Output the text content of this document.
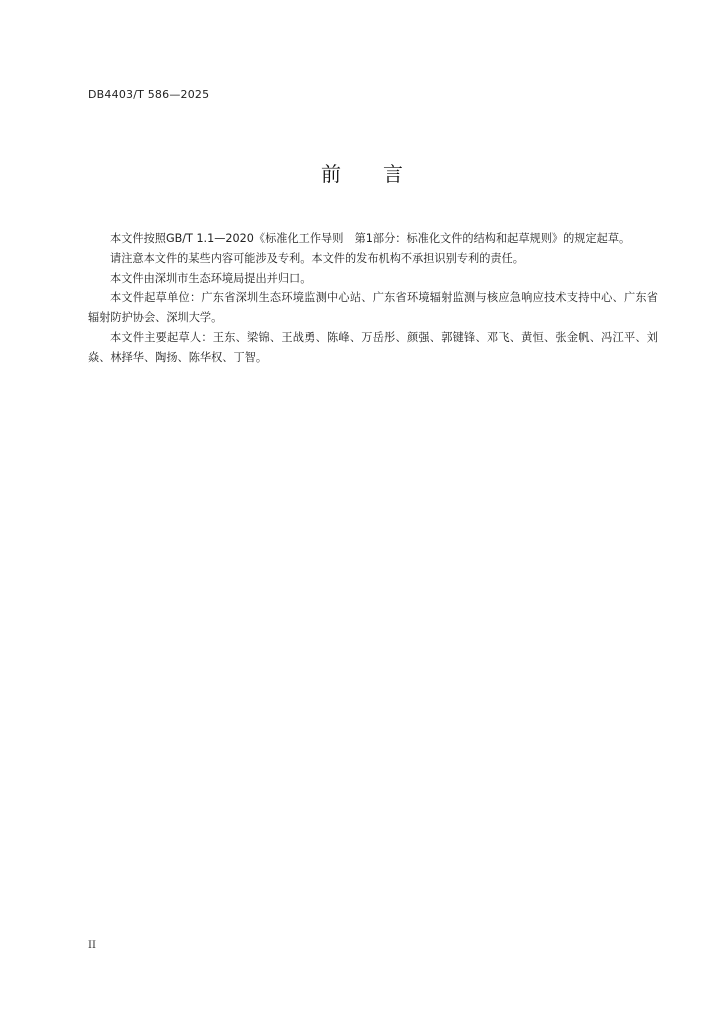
DB4403/T 586—2025
前 言

本文件按照GB/T 1.1—2020《标准化工作导则　第1部分：标准化文件的结构和起草规则》的规定起草。

请注意本文件的某些内容可能涉及专利。本文件的发布机构不承担识别专利的责任。

本文件由深圳市生态环境局提出并归口。

本文件起草单位：广东省深圳生态环境监测中心站、广东省环境辐射监测与核应急响应技术支持中心、广东省辐射防护协会、深圳大学。

本文件主要起草人：王东、梁锦、王战勇、陈峰、万岳彤、颜强、郭键锋、邓飞、黄恒、张金帆、冯江平、刘焱、林择华、陶扬、陈华权、丁智。

II
